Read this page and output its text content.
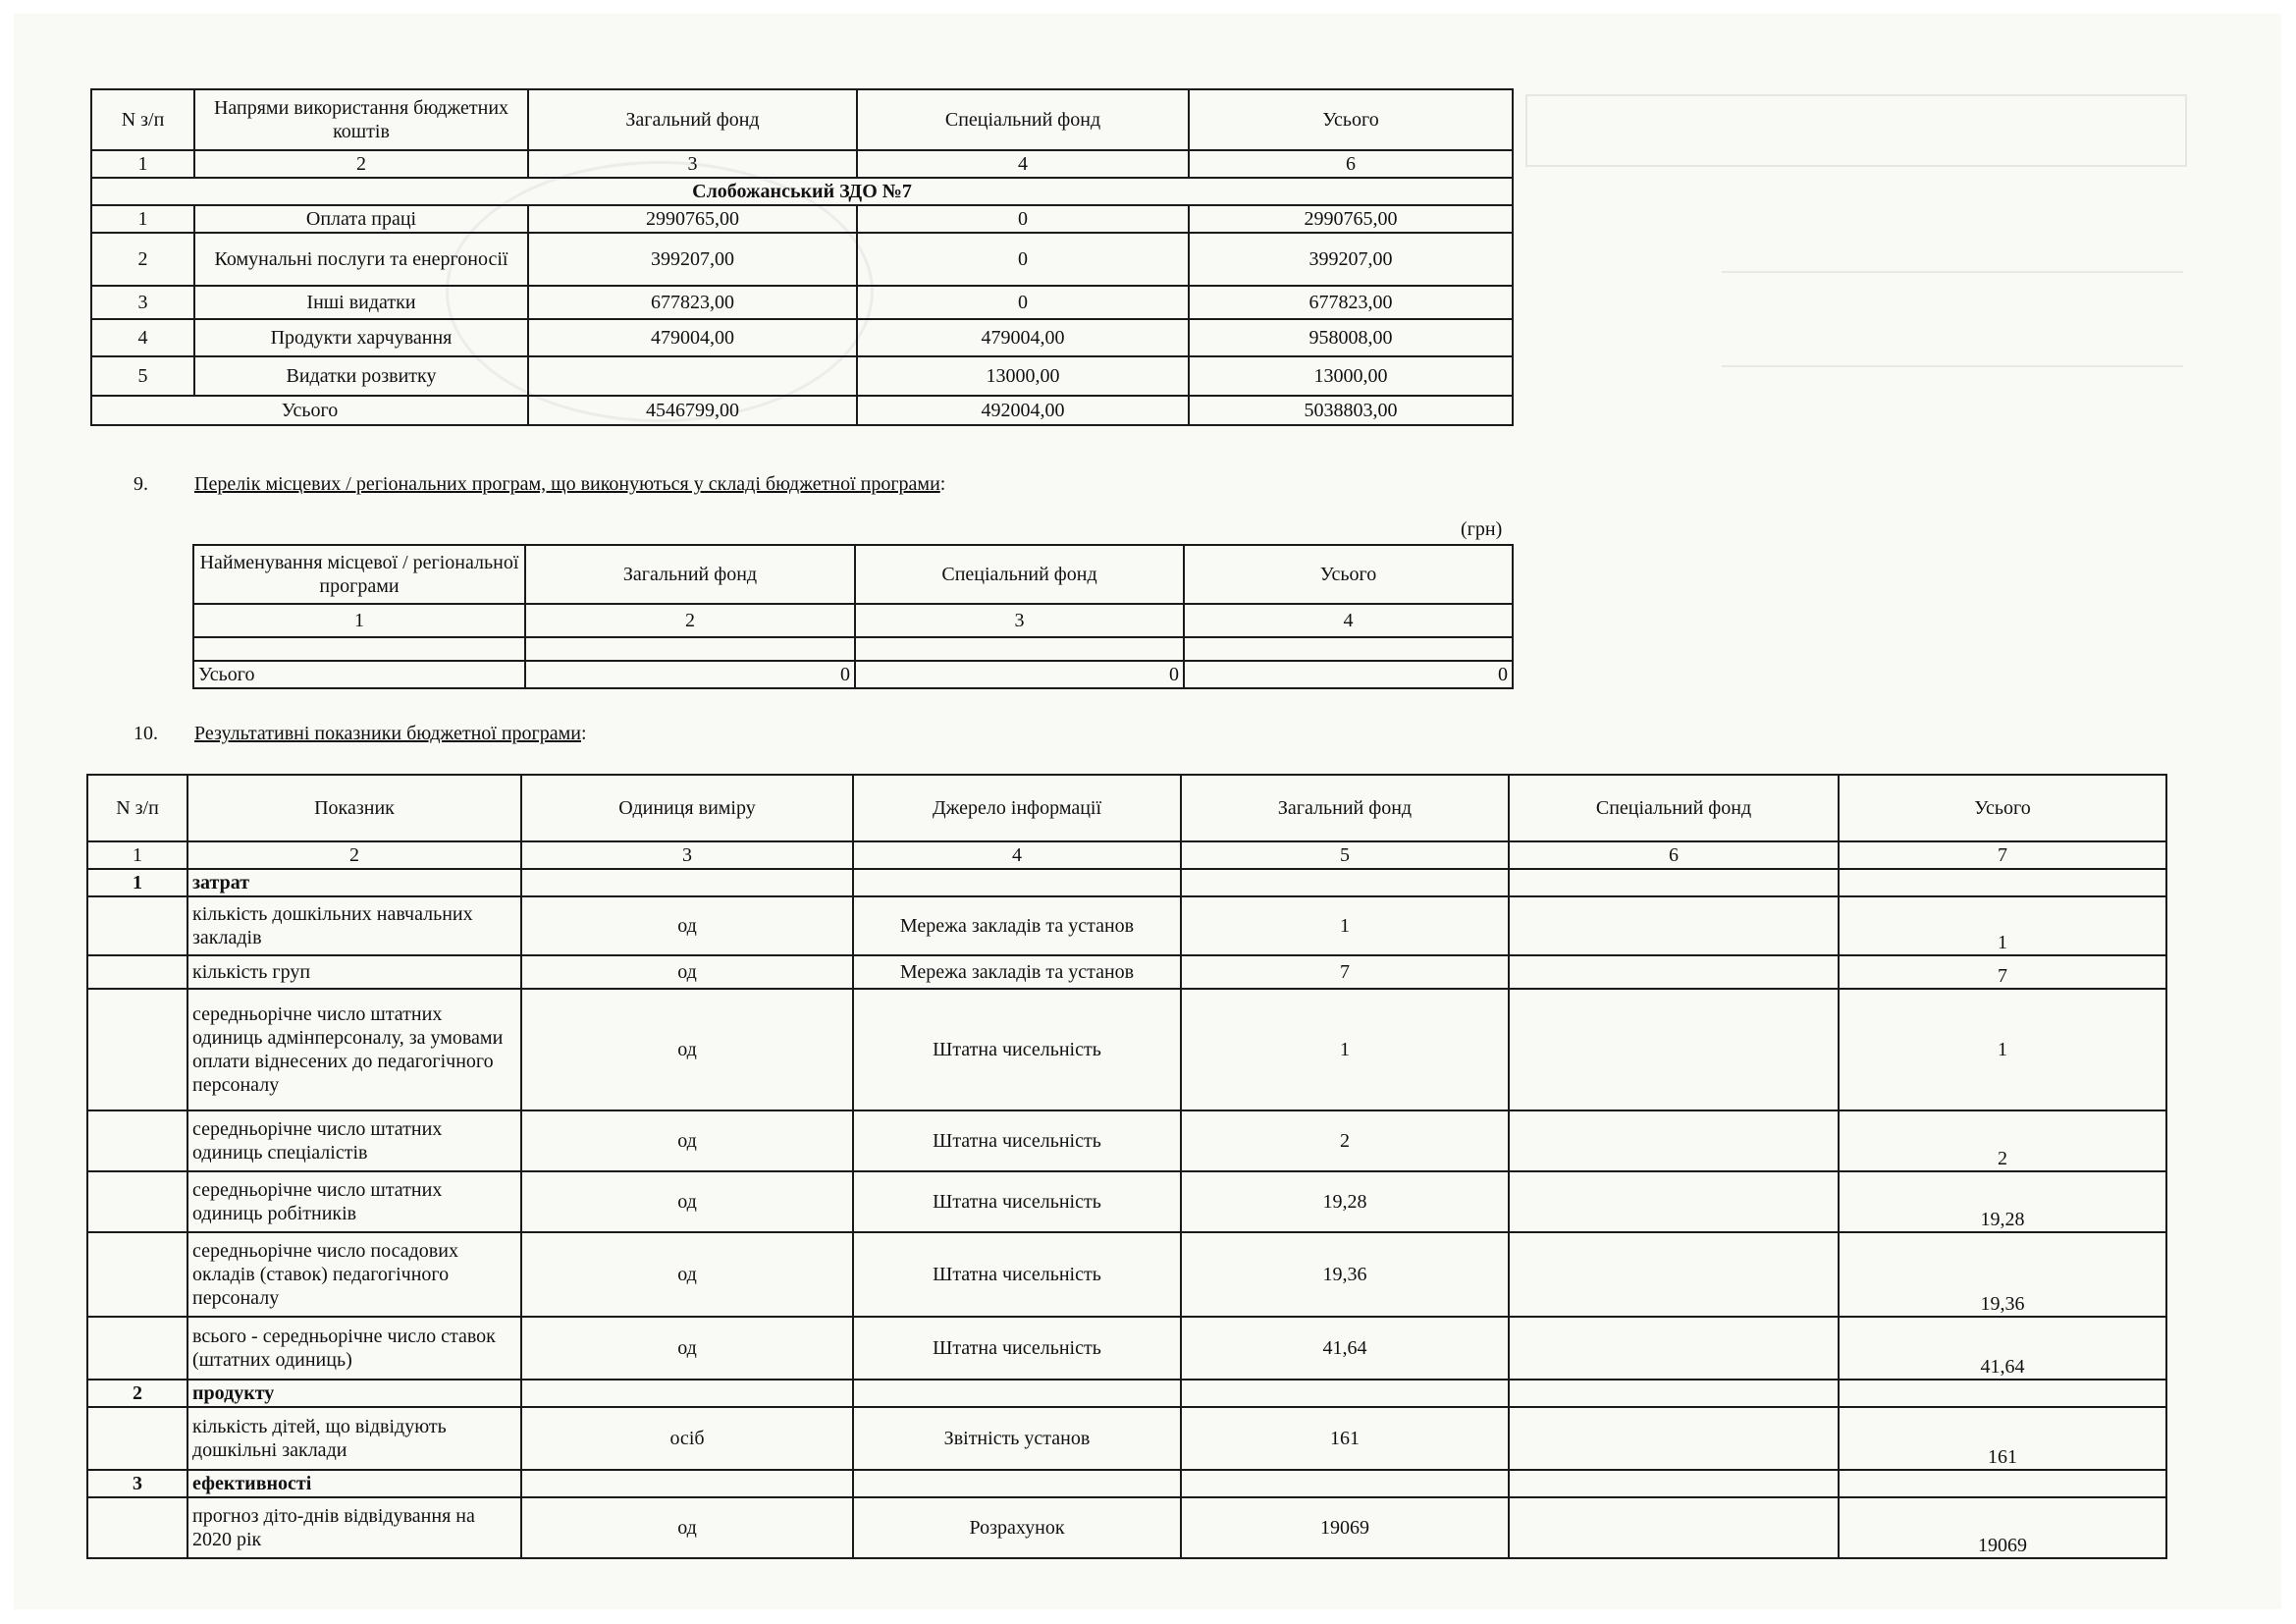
N з/п	Напрями використання бюджетних коштів	Загальний фонд	Спеціальний фонд	Усього
1	2	3	4	6
Слобожанський ЗДО №7				
1	Оплата праці	2990765,00	0	2990765,00
2	Комунальні послуги та енергоносії	399207,00	0	399207,00
3	Інші видатки	677823,00	0	677823,00
4	Продукти харчування	479004,00	479004,00	958008,00
5	Видатки розвитку		13000,00	13000,00
Усього		4546799,00	492004,00	5038803,00
9. Перелік місцевих / регіональних програм, що виконуються у складі бюджетної програми:
(грн)
Найменування місцевої / регіональної програми	Загальний фонд	Спеціальний фонд	Усього
1	2	3	4

Усього	0	0	0
10. Результативні показники бюджетної програми:
N з/п	Показник	Одиниця виміру	Джерело інформації	Загальний фонд	Спеціальний фонд	Усього
1	2	3	4	5	6	7
1	затрат					
	кількість дошкільних навчальних закладів	од	Мережа закладів та установ	1		1
	кількість груп	од	Мережа закладів та установ	7		7
	середньорічне число штатних одиниць адмінперсоналу, за умовами оплати віднесених до педагогічного персоналу	од	Штатна чисельність	1		1
	середньорічне число штатних одиниць спеціалістів	од	Штатна чисельність	2		2
	середньорічне число штатних одиниць робітників	од	Штатна чисельність	19,28		19,28
	середньорічне число посадових окладів (ставок) педагогічного персоналу	од	Штатна чисельність	19,36		19,36
	всього - середньорічне число ставок (штатних одиниць)	од	Штатна чисельність	41,64		41,64
2	продукту					
	кількість дітей, що відвідують дошкільні заклади	осіб	Звітність установ	161		161
3	ефективності					
	прогноз діто-днів відвідування на 2020 рік	од	Розрахунок	19069		19069
